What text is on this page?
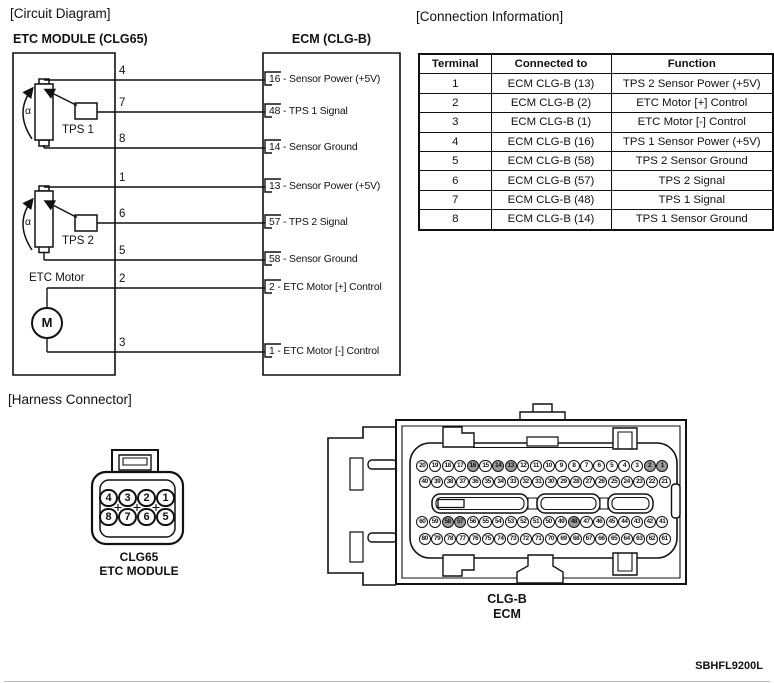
[Circuit Diagram]	[Connection Information]
[Harness Connector]
ETC MODULE (CLG65)	ECM (CLG-B)
α
α
TPS 1
TPS 2
ETC Motor
M
4
16 - Sensor Power (+5V)
7
48 - TPS 1 Signal
8
14 - Sensor Ground
1
13 - Sensor Power (+5V)
6
57 - TPS 2 Signal
5
58 - Sensor Ground
2
2 - ETC Motor [+] Control
3
1 - ETC Motor [-] Control
Terminal	Connected to	Function
1	ECM CLG-B (13)	TPS 2 Sensor Power (+5V)
2	ECM CLG-B (2)	ETC Motor [+] Control
3	ECM CLG-B (1)	ETC Motor [-] Control
4	ECM CLG-B (16)	TPS 1 Sensor Power (+5V)
5	ECM CLG-B (58)	TPS 2 Sensor Ground
6	ECM CLG-B (57)	TPS 2 Signal
7	ECM CLG-B (48)	TPS 1 Signal
8	ECM CLG-B (14)	TPS 1 Sensor Ground
4	3	2	1
8	7	6	5
20 19 18 17 16 15 14 13 12	11	10	9	8	7	6	5	4	3	2	1
40 39 38 37 36 35 34 33 32 31 30 29 28 27 26 25 24 23 22 21
60 59 58 57 56 55 54 53 52 51 50 49 48 47 46 45 44 43 42 41
80 79 78 77 76 75 74 73 72 71 70 69 68 67 66 65 64 63 62 61
CLG65
ETC MODULE
CLG-B
ECM
SBHFL9200L
